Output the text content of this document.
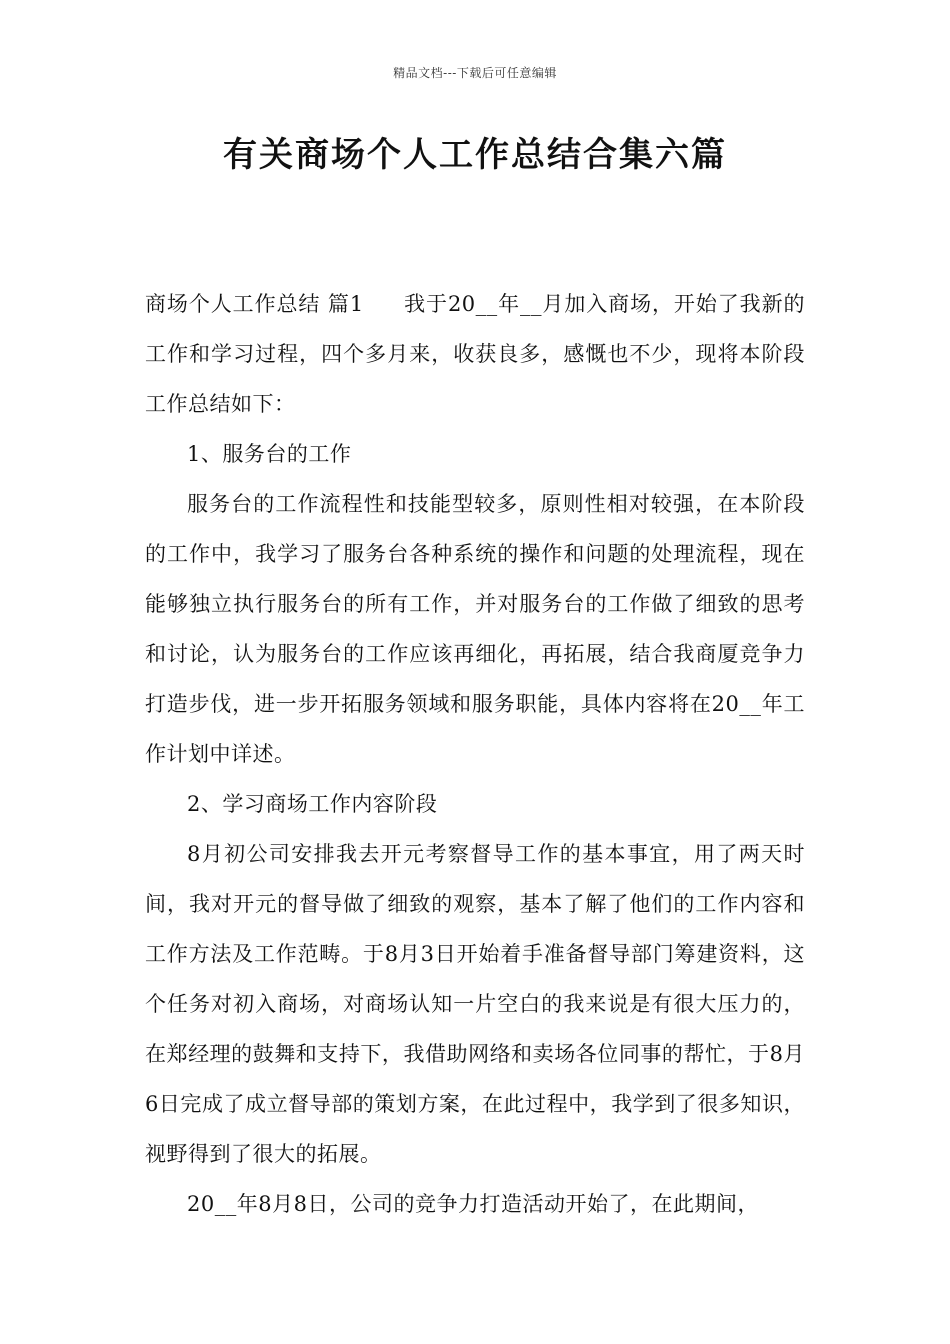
精品文档---下载后可任意编辑
有关商场个人工作总结合集六篇

商场个人工作总结 篇1 我于20__年__月加入商场，开始了我新的工作和学习过程，四个多月来，收获良多，感慨也不少，现将本阶段工作总结如下：

1、服务台的工作

服务台的工作流程性和技能型较多，原则性相对较强，在本阶段的工作中，我学习了服务台各种系统的操作和问题的处理流程，现在能够独立执行服务台的所有工作，并对服务台的工作做了细致的思考和讨论，认为服务台的工作应该再细化，再拓展，结合我商厦竞争力打造步伐，进一步开拓服务领域和服务职能，具体内容将在20__年工作计划中详述。

2、学习商场工作内容阶段

8月初公司安排我去开元考察督导工作的基本事宜，用了两天时间，我对开元的督导做了细致的观察，基本了解了他们的工作内容和工作方法及工作范畴。于8月3日开始着手准备督导部门筹建资料，这个任务对初入商场，对商场认知一片空白的我来说是有很大压力的，在郑经理的鼓舞和支持下，我借助网络和卖场各位同事的帮忙，于8月6日完成了成立督导部的策划方案，在此过程中，我学到了很多知识，视野得到了很大的拓展。

20__年8月8日，公司的竞争力打造活动开始了，在此期间，
